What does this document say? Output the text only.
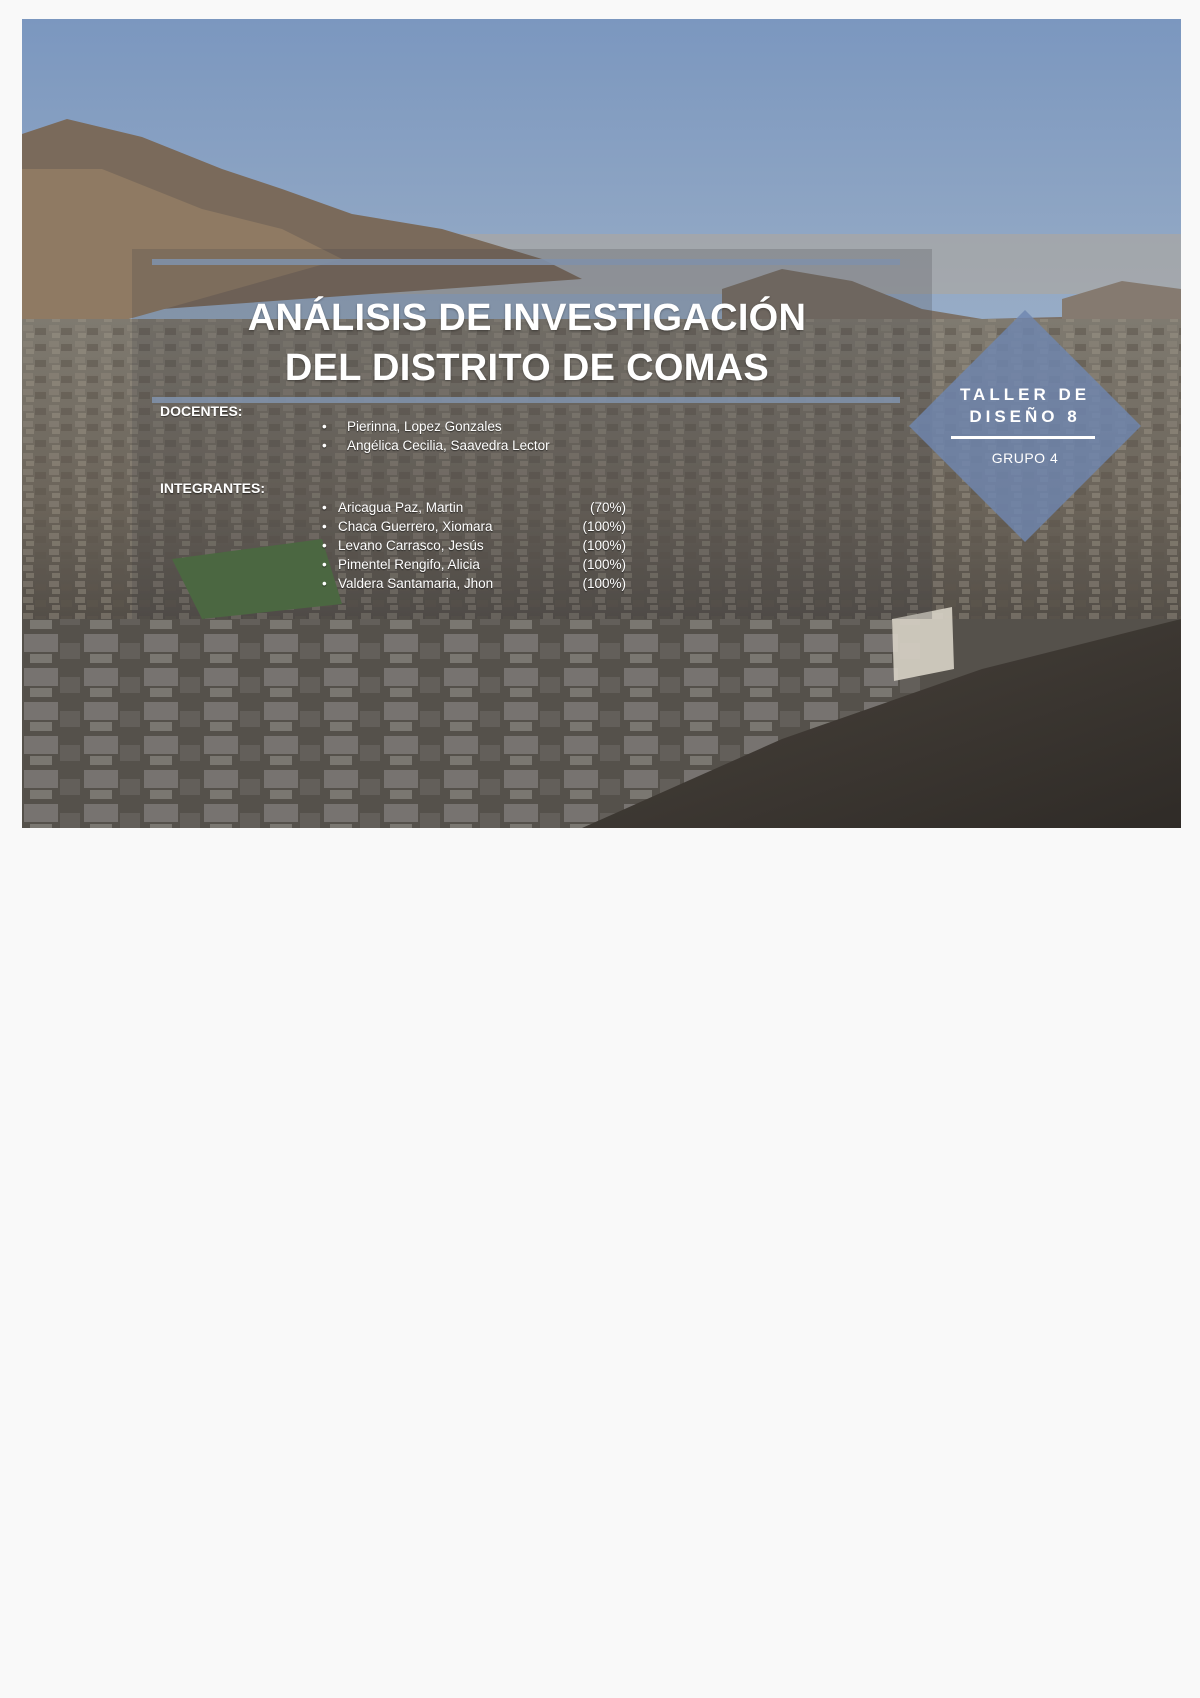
ANÁLISIS DE INVESTIGACIÓN
DEL DISTRITO DE COMAS
DOCENTES:
• Pierinna, Lopez Gonzales
• Angélica Cecilia, Saavedra Lector
INTEGRANTES:
• Aricagua Paz, Martin	(70%)
• Chaca Guerrero, Xiomara	(100%)
• Levano Carrasco, Jesús	(100%)
• Pimentel Rengifo, Alicia	(100%)
• Valdera Santamaria, Jhon	(100%)
TALLER DE
DISEÑO 8
GRUPO 4
